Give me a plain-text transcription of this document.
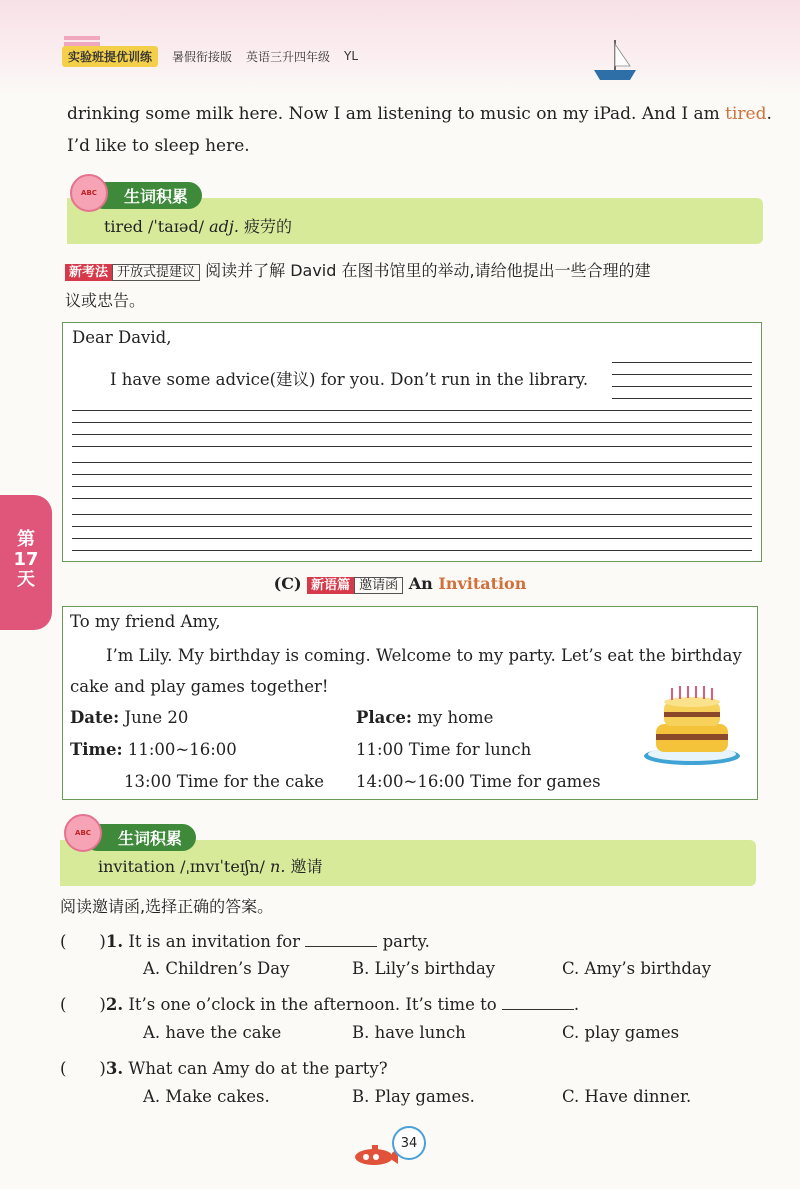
实验班提优训练	暑假衔接版 英语三升四年级 YL
drinking some milk here. Now I am listening to music on my iPad. And I am tired.
I’d like to sleep here.
生词积累
ABC
tired /ˈtaɪəd/ adj. 疲劳的
新考法 开放式提建议 阅读并了解 David 在图书馆里的举动,请给他提出一些合理的建
议或忠告。
Dear David,
I have some advice(建议) for you. Don’t run in the library.
第
17
天	(C) 新语篇 邀请函 An Invitation
To my friend Amy,
I’m Lily. My birthday is coming. Welcome to my party. Let’s eat the birthday
cake and play games together!
Date: June 20	Place: my home
Time: 11:00~16:00	11:00 Time for lunch
13:00 Time for the cake 14:00~16:00 Time for games
生词积累
ABC
invitation /ˌɪnvɪˈteɪʃn/ n. 邀请
阅读邀请函,选择正确的答案。
(　　)1. It is an invitation for	party.
A. Children’s Day	B. Lily’s birthday	C. Amy’s birthday
(　　)2. It’s one o’clock in the afternoon. It’s time to	.
A. have the cake	B. have lunch	C. play games
(　　)3. What can Amy do at the party?
A. Make cakes.	B. Play games.	C. Have dinner.
34
